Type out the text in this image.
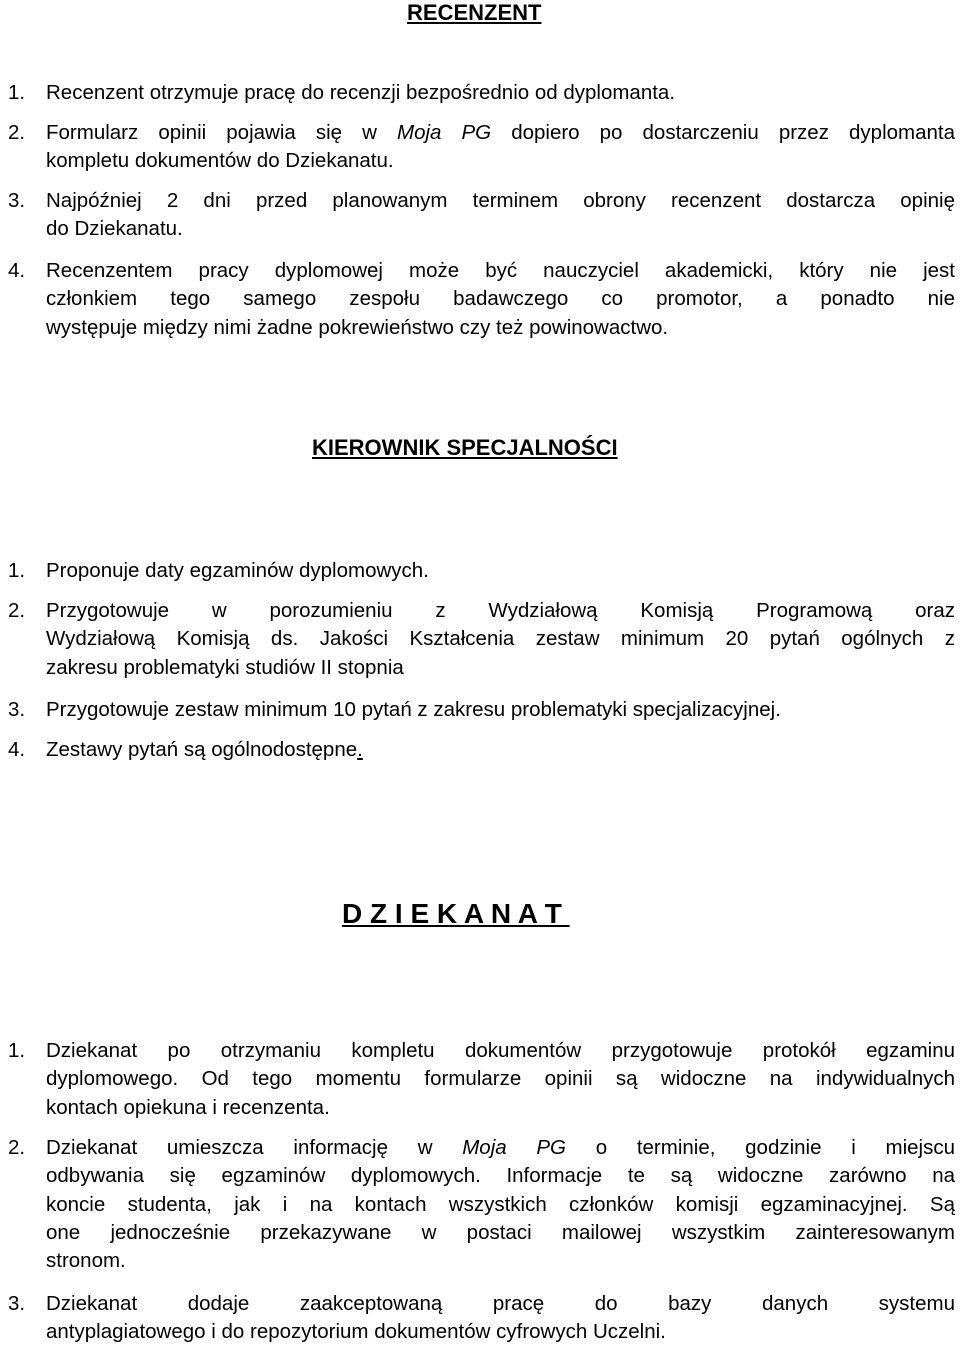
RECENZENT
1. Recenzent otrzymuje pracę do recenzji bezpośrednio od dyplomanta.
2. Formularz opinii pojawia się w Moja PG dopiero po dostarczeniu przez dyplomanta
kompletu dokumentów do Dziekanatu.
3. Najpóźniej 2 dni przed planowanym terminem obrony recenzent dostarcza opinię
do Dziekanatu.
4. Recenzentem pracy dyplomowej może być nauczyciel akademicki, który nie jest
członkiem tego samego zespołu badawczego co promotor, a ponadto nie
występuje między nimi żadne pokrewieństwo czy też powinowactwo.
KIEROWNIK SPECJALNOŚCI
1. Proponuje daty egzaminów dyplomowych.
2. Przygotowuje w porozumieniu z Wydziałową Komisją Programową oraz
Wydziałową Komisją ds. Jakości Kształcenia zestaw minimum 20 pytań ogólnych z
zakresu problematyki studiów II stopnia
3. Przygotowuje zestaw minimum 10 pytań z zakresu problematyki specjalizacyjnej.
4. Zestawy pytań są ogólnodostępne.
D Z I E K A N A T
1. Dziekanat po otrzymaniu kompletu dokumentów przygotowuje protokół egzaminu
dyplomowego. Od tego momentu formularze opinii są widoczne na indywidualnych
kontach opiekuna i recenzenta.
2. Dziekanat umieszcza informację w Moja PG o terminie, godzinie i miejscu
odbywania się egzaminów dyplomowych. Informacje te są widoczne zarówno na
koncie studenta, jak i na kontach wszystkich członków komisji egzaminacyjnej. Są
one jednocześnie przekazywane w postaci mailowej wszystkim zainteresowanym
stronom.
3. Dziekanat dodaje zaakceptowaną pracę do bazy danych systemu
antyplagiatowego i do repozytorium dokumentów cyfrowych Uczelni.
